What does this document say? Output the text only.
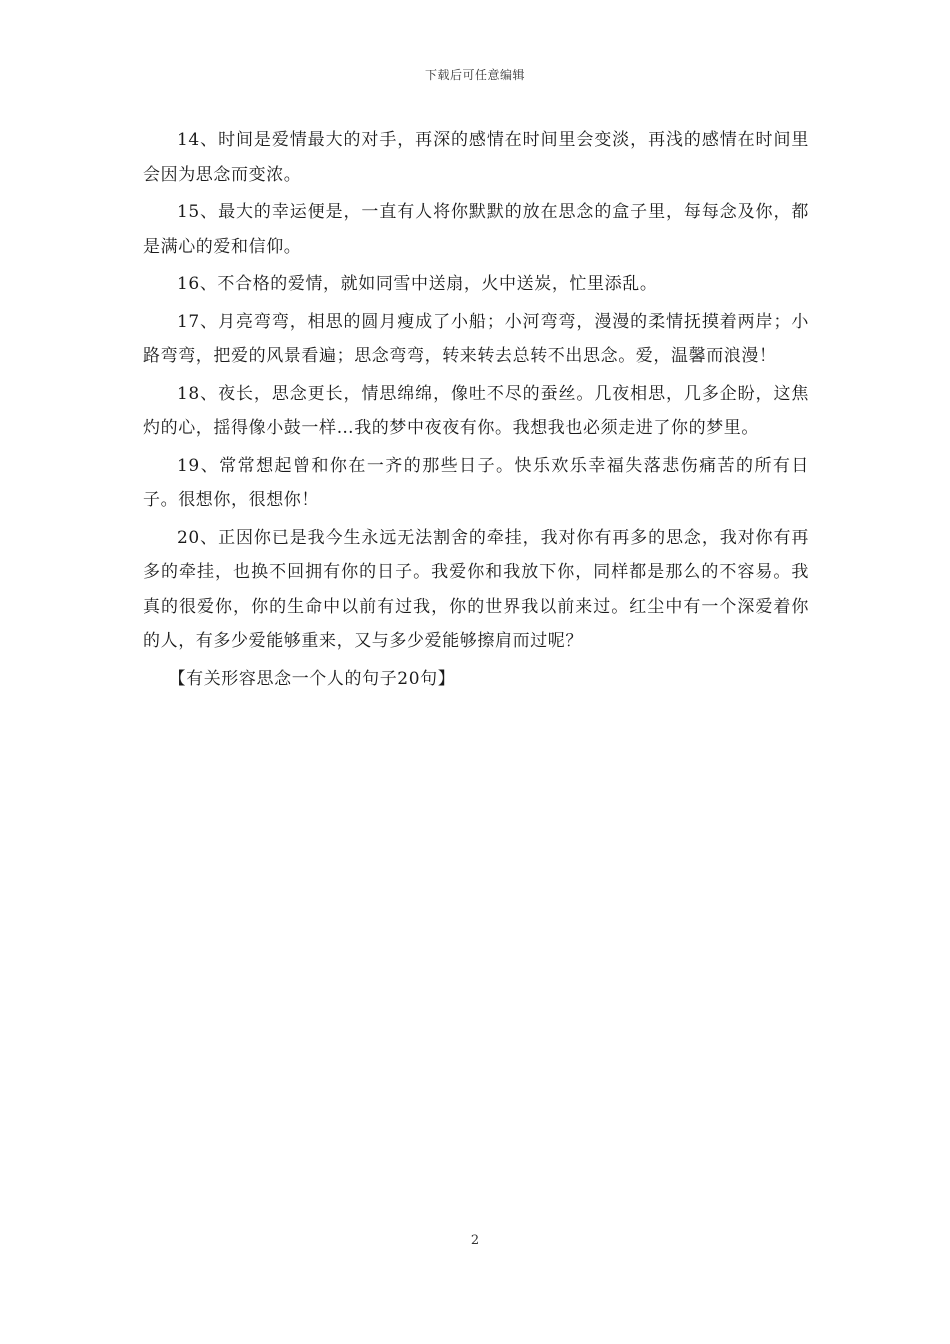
下载后可任意编辑

14、时间是爱情最大的对手，再深的感情在时间里会变淡，再浅的感情在时间里会因为思念而变浓。

15、最大的幸运便是，一直有人将你默默的放在思念的盒子里，每每念及你，都是满心的爱和信仰。

16、不合格的爱情，就如同雪中送扇，火中送炭，忙里添乱。

17、月亮弯弯，相思的圆月瘦成了小船；小河弯弯，漫漫的柔情抚摸着两岸；小路弯弯，把爱的风景看遍；思念弯弯，转来转去总转不出思念。爱，温馨而浪漫！

18、夜长，思念更长，情思绵绵，像吐不尽的蚕丝。几夜相思，几多企盼，这焦灼的心，揺得像小鼓一样…我的梦中夜夜有你。我想我也必须走进了你的梦里。

19、常常想起曾和你在一齐的那些日子。快乐欢乐幸福失落悲伤痛苦的所有日子。很想你，很想你！

20、正因你已是我今生永远无法割舍的牵挂，我对你有再多的思念，我对你有再多的牵挂，也换不回拥有你的日子。我爱你和我放下你，同样都是那么的不容易。我真的很爱你，你的生命中以前有过我，你的世界我以前来过。红尘中有一个深爱着你的人，有多少爱能够重来，又与多少爱能够擦肩而过呢？

【有关形容思念一个人的句子20句】

2
